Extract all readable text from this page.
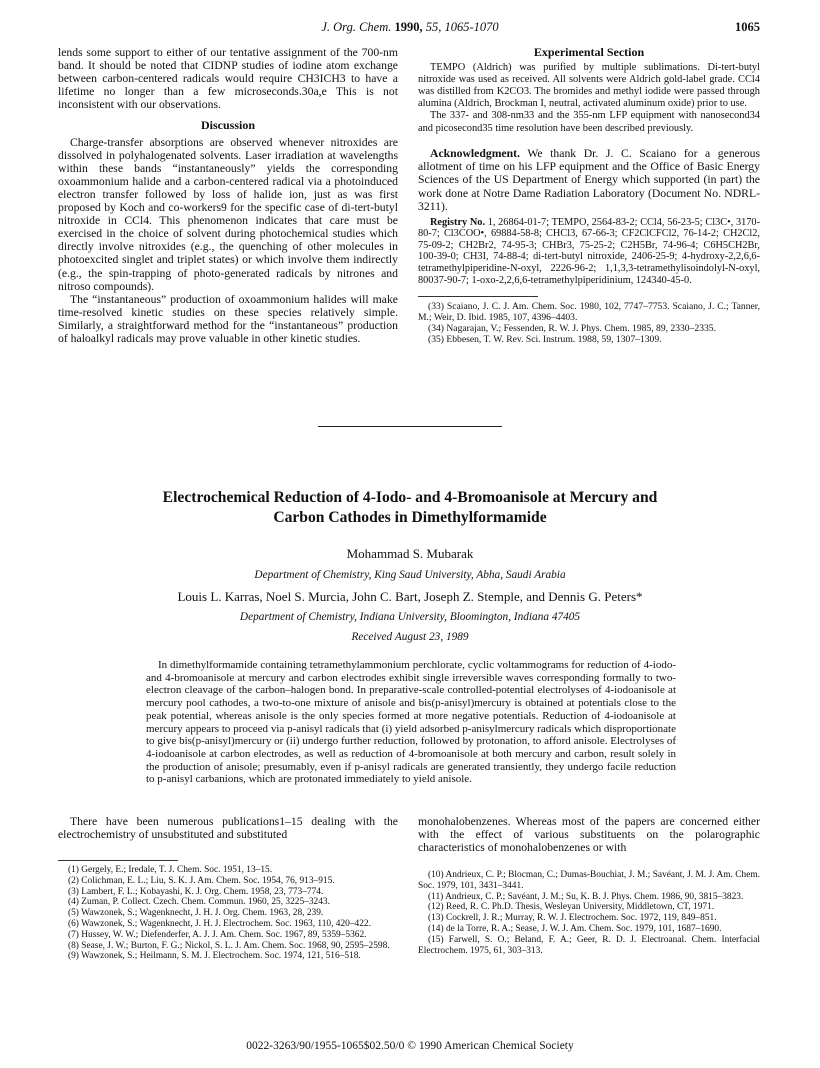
J. Org. Chem. 1990, 55, 1065-1070	1065

lends some support to either of our tentative assignment of the 700-nm band. It should be noted that CIDNP studies of iodine atom exchange between carbon-centered radicals would require CH3ICH3 to have a lifetime no longer than a few microseconds.30a,e This is not inconsistent with our observations.

Discussion

Charge-transfer absorptions are observed whenever nitroxides are dissolved in polyhalogenated solvents. Laser irradiation at wavelengths within these bands “instantaneously” yields the corresponding oxoammonium halide and a carbon-centered radical via a photoinduced electron transfer followed by loss of halide ion, just as was first proposed by Koch and co-workers9 for the specific case of di-tert-butyl nitroxide in CCl4. This phenomenon indicates that care must be exercised in the choice of solvent during photochemical studies which directly involve nitroxides (e.g., the quenching of other molecules in photoexcited singlet and triplet states) or which involve them indirectly (e.g., the spin-trapping of photo-generated radicals by nitrones and nitroso compounds).

The “instantaneous” production of oxoammonium halides will make time-resolved kinetic studies on these species relatively simple. Similarly, a straightforward method for the “instantaneous” production of haloalkyl radicals may prove valuable in other kinetic studies.

Experimental Section

TEMPO (Aldrich) was purified by multiple sublimations. Di-tert-butyl nitroxide was used as received. All solvents were Aldrich gold-label grade. CCl4 was distilled from K2CO3. The bromides and methyl iodide were passed through alumina (Aldrich, Brockman I, neutral, activated aluminum oxide) prior to use.

The 337- and 308-nm33 and the 355-nm LFP equipment with nanosecond34 and picosecond35 time resolution have been described previously.

Acknowledgment. We thank Dr. J. C. Scaiano for a generous allotment of time on his LFP equipment and the Office of Basic Energy Sciences of the US Department of Energy which supported (in part) the work done at Notre Dame Radiation Laboratory (Document No. NDRL-3211).

Registry No. 1, 26864-01-7; TEMPO, 2564-83-2; CCl4, 56-23-5; Cl3C•, 3170-80-7; Cl3COO•, 69884-58-8; CHCl3, 67-66-3; CF2ClCFCl2, 76-14-2; CH2Cl2, 75-09-2; CH2Br2, 74-95-3; CHBr3, 75-25-2; C2H5Br, 74-96-4; C6H5CH2Br, 100-39-0; CH3I, 74-88-4; di-tert-butyl nitroxide, 2406-25-9; 4-hydroxy-2,2,6,6-tetramethylpiperidine-N-oxyl, 2226-96-2; 1,1,3,3-tetramethylisoindolyl-N-oxyl, 80037-90-7; 1-oxo-2,2,6,6-tetramethylpiperidinium, 124340-45-0.

(33) Scaiano, J. C. J. Am. Chem. Soc. 1980, 102, 7747–7753. Scaiano, J. C.; Tanner, M.; Weir, D. Ibid. 1985, 107, 4396–4403.
(34) Nagarajan, V.; Fessenden, R. W. J. Phys. Chem. 1985, 89, 2330–2335.
(35) Ebbesen, T. W. Rev. Sci. Instrum. 1988, 59, 1307–1309.
Electrochemical Reduction of 4-Iodo- and 4-Bromoanisole at Mercury and
Carbon Cathodes in Dimethylformamide
Mohammad S. Mubarak
Department of Chemistry, King Saud University, Abha, Saudi Arabia
Louis L. Karras, Noel S. Murcia, John C. Bart, Joseph Z. Stemple, and Dennis G. Peters*
Department of Chemistry, Indiana University, Bloomington, Indiana 47405
Received August 23, 1989

In dimethylformamide containing tetramethylammonium perchlorate, cyclic voltammograms for reduction of 4-iodo- and 4-bromoanisole at mercury and carbon electrodes exhibit single irreversible waves corresponding formally to two-electron cleavage of the carbon–halogen bond. In preparative-scale controlled-potential electrolyses of 4-iodoanisole at mercury pool cathodes, a two-to-one mixture of anisole and bis(p-anisyl)mercury is obtained at potentials close to the peak potential, whereas anisole is the only species formed at more negative potentials. Reduction of 4-iodoanisole at mercury appears to proceed via p-anisyl radicals that (i) yield adsorbed p-anisylmercury radicals which disproportionate to give bis(p-anisyl)mercury or (ii) undergo further reduction, followed by protonation, to afford anisole. Electrolyses of 4-iodoanisole at carbon electrodes, as well as reduction of 4-bromoanisole at both mercury and carbon, result solely in the production of anisole; presumably, even if p-anisyl radicals are generated transiently, they undergo facile reduction to p-anisyl carbanions, which are protonated immediately to yield anisole.

There have been numerous publications1–15 dealing with the electrochemistry of unsubstituted and substituted

monohalobenzenes. Whereas most of the papers are concerned either with the effect of various substituents on the polarographic characteristics of monohalobenzenes or with

(1) Gergely, E.; Iredale, T. J. Chem. Soc. 1951, 13–15.
(2) Colichman, E. L.; Liu, S. K. J. Am. Chem. Soc. 1954, 76, 913–915.
(3) Lambert, F. L.; Kobayashi, K. J. Org. Chem. 1958, 23, 773–774.
(4) Zuman, P. Collect. Czech. Chem. Commun. 1960, 25, 3225–3243.
(5) Wawzonek, S.; Wagenknecht, J. H. J. Org. Chem. 1963, 28, 239.
(6) Wawzonek, S.; Wagenknecht, J. H. J. Electrochem. Soc. 1963, 110, 420–422.
(7) Hussey, W. W.; Diefenderfer, A. J. J. Am. Chem. Soc. 1967, 89, 5359–5362.
(8) Sease, J. W.; Burton, F. G.; Nickol, S. L. J. Am. Chem. Soc. 1968, 90, 2595–2598.
(9) Wawzonek, S.; Heilmann, S. M. J. Electrochem. Soc. 1974, 121, 516–518.
(10) Andrieux, C. P.; Blocman, C.; Dumas-Bouchiat, J. M.; Savéant, J. M. J. Am. Chem. Soc. 1979, 101, 3431–3441.
(11) Andrieux, C. P.; Savéant, J. M.; Su, K. B. J. Phys. Chem. 1986, 90, 3815–3823.
(12) Reed, R. C. Ph.D. Thesis, Wesleyan University, Middletown, CT, 1971.
(13) Cockrell, J. R.; Murray, R. W. J. Electrochem. Soc. 1972, 119, 849–851.
(14) de la Torre, R. A.; Sease, J. W. J. Am. Chem. Soc. 1979, 101, 1687–1690.
(15) Farwell, S. O.; Beland, F. A.; Geer, R. D. J. Electroanal. Chem. Interfacial Electrochem. 1975, 61, 303–313.
0022-3263/90/1955-1065$02.50/0 © 1990 American Chemical Society
